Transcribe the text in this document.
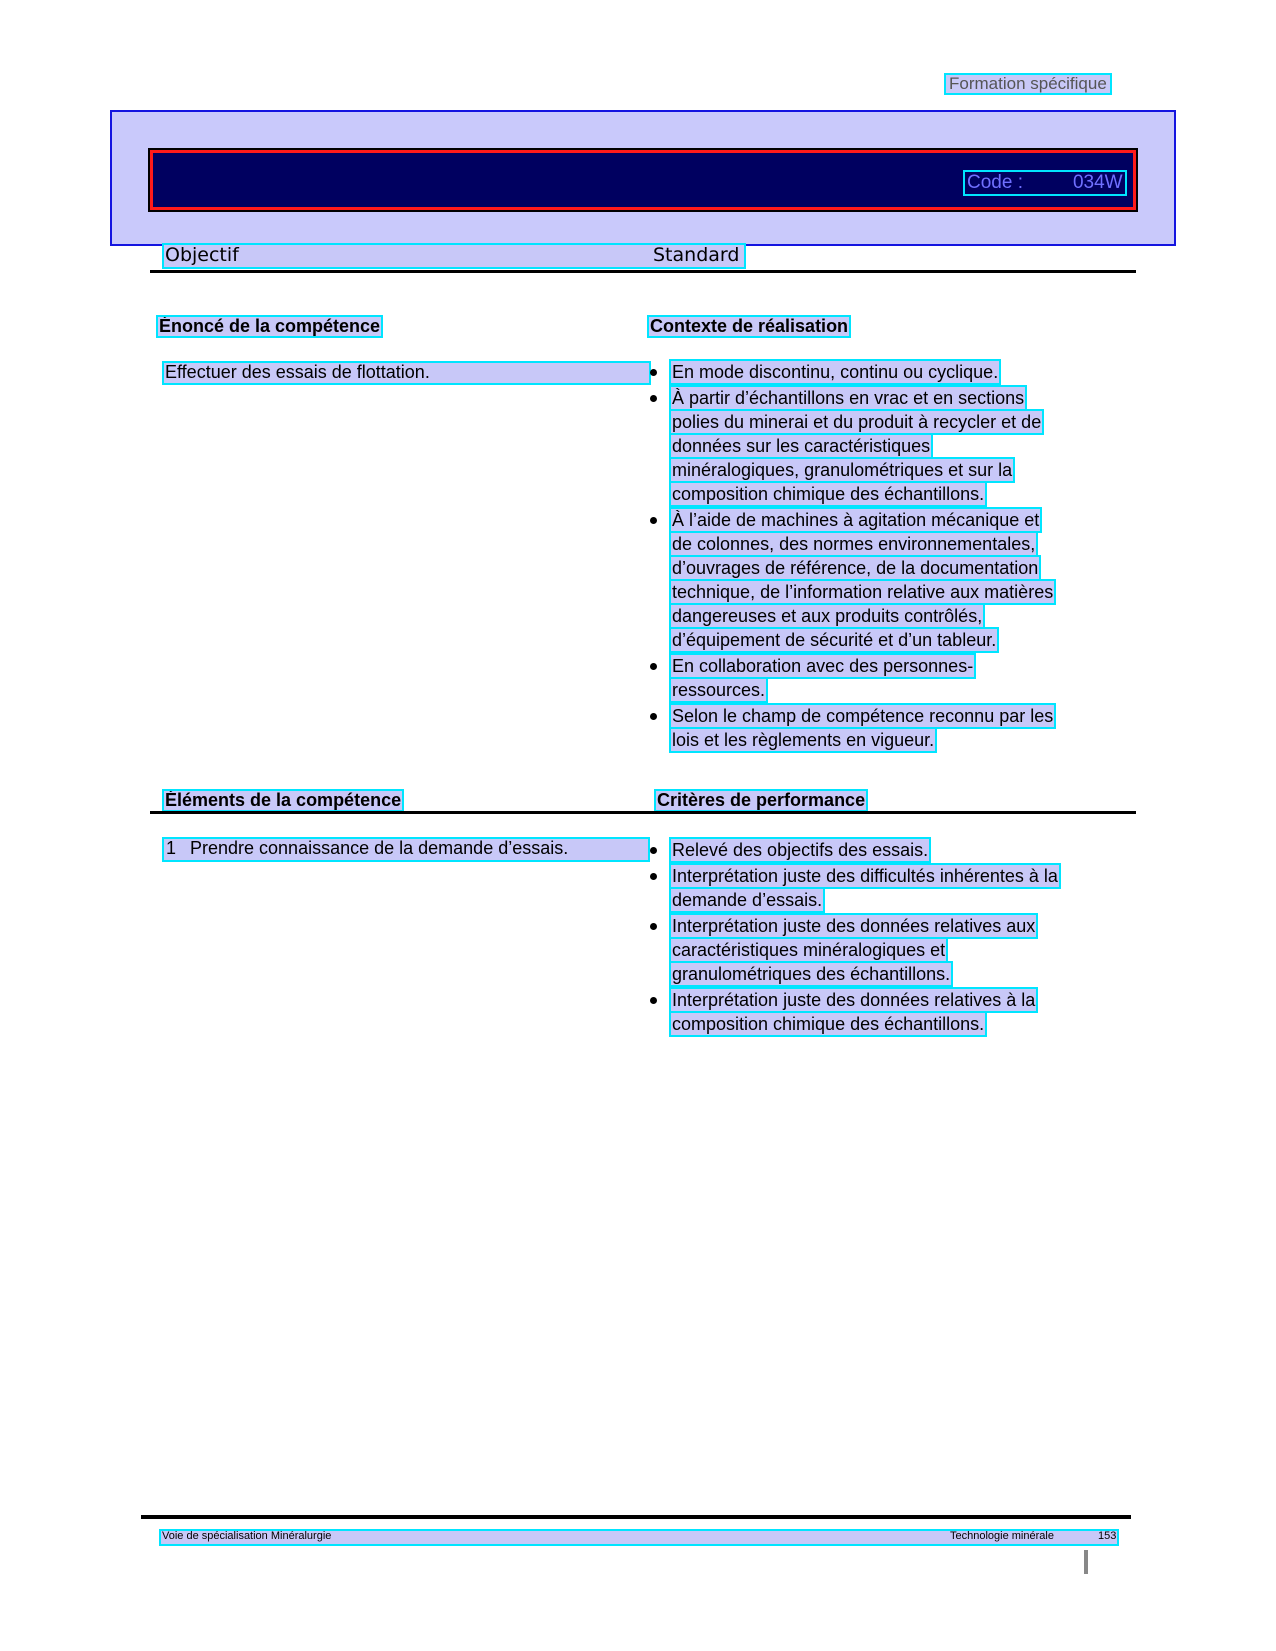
Formation spécifique
Code :	034W
Objectif	Standard
Énoncé de la compétence	Contexte de réalisation
Effectuer des essais de flottation.	En mode discontinu, continu ou cyclique.
À partir d’échantillons en vrac et en sections
polies du minerai et du produit à recycler et de
données sur les caractéristiques
minéralogiques, granulométriques et sur la
composition chimique des échantillons.
À l’aide de machines à agitation mécanique et
de colonnes, des normes environnementales,
d’ouvrages de référence, de la documentation
technique, de l’information relative aux matières
dangereuses et aux produits contrôlés,
d’équipement de sécurité et d’un tableur.
En collaboration avec des personnes-
ressources.
Selon le champ de compétence reconnu par les
lois et les règlements en vigueur.
Éléments de la compétence	Critères de performance
1 Prendre connaissance de la demande d’essais.	Relevé des objectifs des essais.
Interprétation juste des difficultés inhérentes à la
demande d’essais.
Interprétation juste des données relatives aux
caractéristiques minéralogiques et
granulométriques des échantillons.
Interprétation juste des données relatives à la
composition chimique des échantillons.
Voie de spécialisation Minéralurgie	Technologie minérale	153
